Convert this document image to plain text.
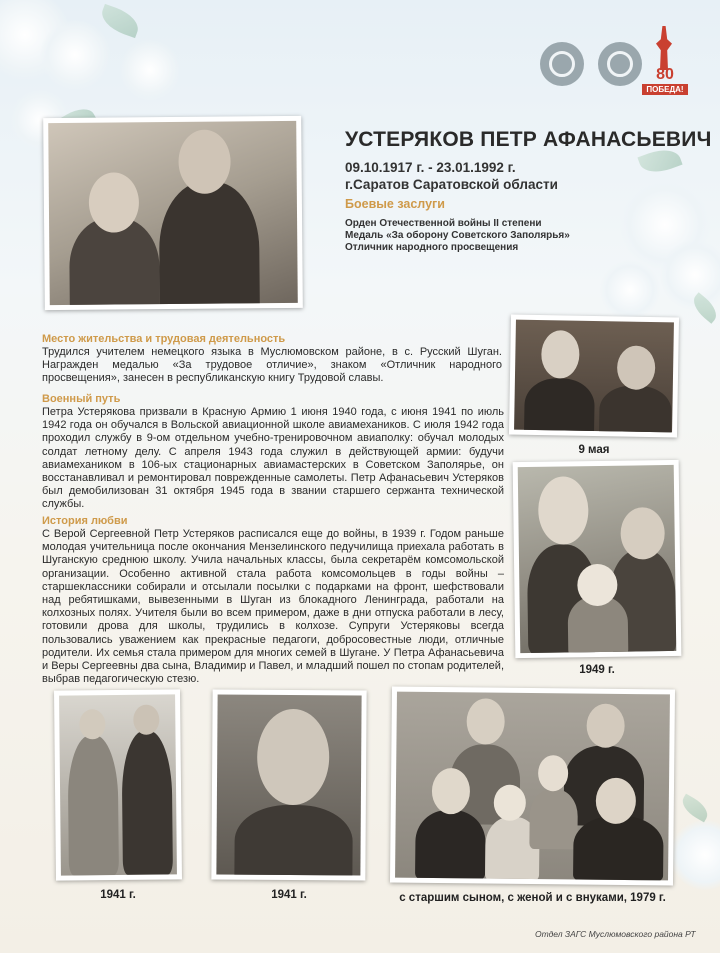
80
ПОБЕДА!
УСТЕРЯКОВ ПЕТР АФАНАСЬЕВИЧ
09.10.1917 г. - 23.01.1992 г.
г.Саратов Саратовской области
Боевые заслуги
Орден Отечественной войны II степени
Медаль «За оборону Советского Заполярья»
Отличник народного просвещения
Место жительства и трудовая деятельность
Трудился учителем немецкого языка в Муслюмовском районе, в с. Русский Шуган. Награжден медалью «За трудовое отличие», знаком «Отличник народного просвещения», занесен в республиканскую книгу Трудовой славы.
Военный путь
Петра Устерякова призвали в Красную Армию 1 июня 1940 года, с июня 1941 по июль 1942 года он обучался в Вольской авиационной школе авиамехаников. С июля 1942 года проходил службу в 9-ом отдельном учебно-тренировочном авиаполку: обучал молодых солдат летному делу. С апреля 1943 года служил в действующей армии: будучи авиамехаником в 106-ых стационарных авиамастерских в Советском Заполярье, он восстанавливал и ремонтировал поврежденные самолеты. Петр Афанасьевич Устеряков был демобилизован 31 октября 1945 года в звании старшего сержанта технической службы.
История любви
С Верой Сергеевной Петр Устеряков расписался еще до войны, в 1939 г. Годом раньше молодая учительница после окончания Мензелинского педучилища приехала работать в Шуганскую среднюю школу. Учила начальных классы, была секретарём комсомольской организации. Особенно активной стала работа комсомольцев в годы войны – старшеклассники собирали и отсылали посылки с подарками на фронт, шефствовали над ребятишками, вывезенными в Шуган из блокадного Ленинграда, работали на колхозных полях. Учителя были во всем примером, даже в дни отпуска работали в лесу, готовили дрова для школы, трудились в колхозе. Супруги Устеряковы всегда пользовались уважением как прекрасные педагоги, добросовестные люди, отличные родители. Их семья стала примером для многих семей в Шугане. У Петра Афанасьевича и Веры Сергеевны два сына, Владимир и Павел, и младший пошел по стопам родителей, выбрав педагогическую стезю.
9 мая
1949 г.
1941 г.	1941 г.	с старшим сыном, с женой и с внуками, 1979 г.
Отдел ЗАГС Муслюмовского района РТ
